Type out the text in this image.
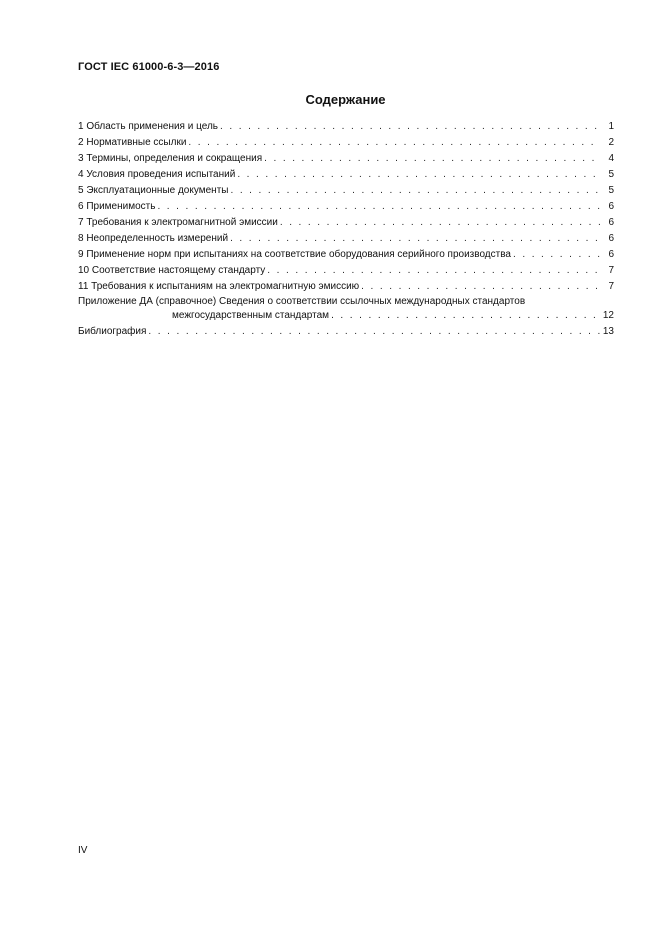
ГОСТ IEC 61000-6-3—2016
Содержание
1 Область применения и цель . . .	1
2 Нормативные ссылки . . .	2
3 Термины, определения и сокращения . . .	4
4 Условия проведения испытаний . . .	5
5 Эксплуатационные документы . . .	5
6 Применимость . . .	6
7 Требования к электромагнитной эмиссии . . .	6
8 Неопределенность измерений . . .	6
9 Применение норм при испытаниях на соответствие оборудования серийного производства . . .	6
10 Соответствие настоящему стандарту . . .	7
11 Требования к испытаниям на электромагнитную эмиссию . . .	7
Приложение ДА (справочное) Сведения о соответствии ссылочных международных стандартов
межгосударственным стандартам . . .	12
Библиография . . .	13
IV
